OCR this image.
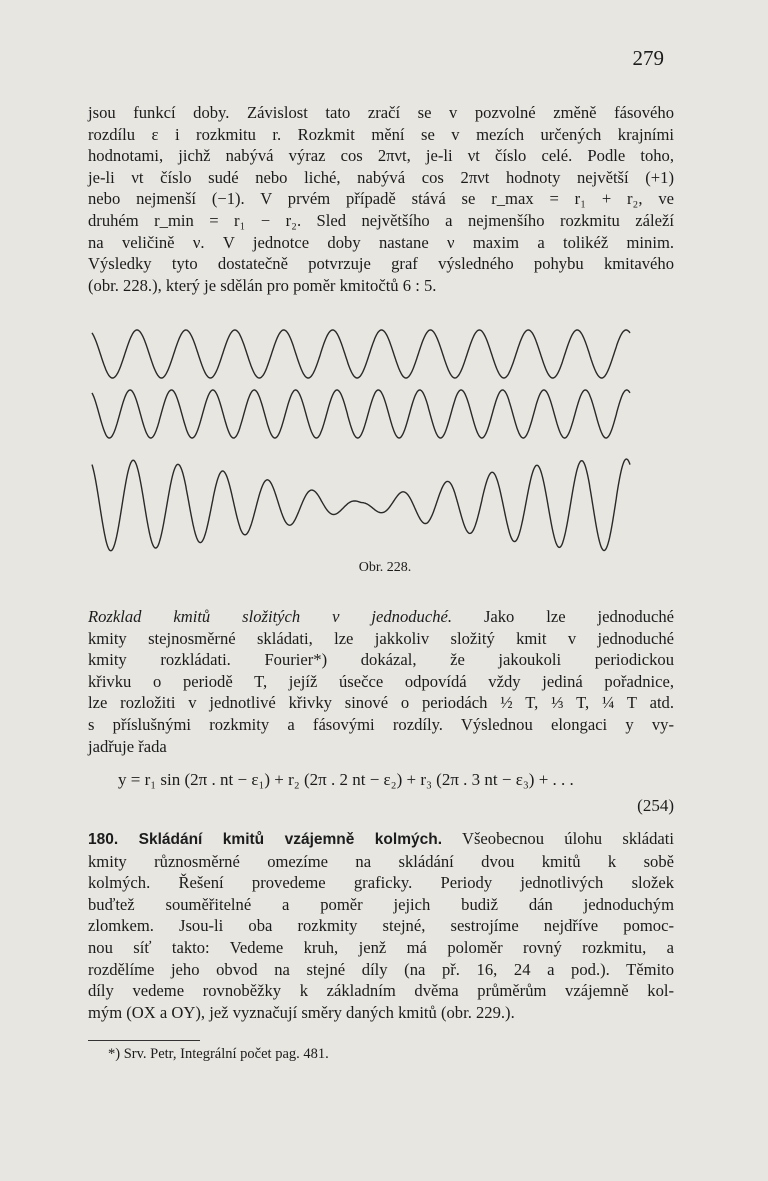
279

jsou funkcí doby. Závislost tato zračí se v pozvolné změně fásového

rozdílu ε i rozkmitu r. Rozkmit mění se v mezích určených krajními

hodnotami, jichž nabývá výraz cos 2πνt, je-li νt číslo celé. Podle toho,

je-li νt číslo sudé nebo liché, nabývá cos 2πνt hodnoty největší (+1)

nebo nejmenší (−1). V prvém případě stává se r_max = r₁ + r₂, ve

druhém r_min = r₁ − r₂. Sled největšího a nejmenšího rozkmitu záleží

na veličině ν. V jednotce doby nastane ν maxim a tolikéž minim.

Výsledky tyto dostatečně potvrzuje graf výsledného pohybu kmitavého

(obr. 228.), který je sdělán pro poměr kmitočtů 6 : 5.

Obr. 228.

Rozklad kmitů složitých v jednoduché. Jako lze jednoduché

kmity stejnosměrné skládati, lze jakkoliv složitý kmit v jednoduché

kmity rozkládati. Fourier*) dokázal, že jakoukoli periodickou

křivku o periodě T, jejíž úsečce odpovídá vždy jediná pořadnice,

lze rozložiti v jednotlivé křivky sinové o periodách ½ T, ⅓ T, ¼ T atd.

s příslušnými rozkmity a fásovými rozdíly. Výslednou elongaci y vy-

jadřuje řada

y = r₁ sin (2π . nt − ε₁) + r₂ (2π . 2 nt − ε₂) + r₃ (2π . 3 nt − ε₃) + . . .
(254)

180. Skládání kmitů vzájemně kolmých. Všeobecnou úlohu skládati

kmity různosměrné omezíme na skládání dvou kmitů k sobě

kolmých. Řešení provedeme graficky. Periody jednotlivých složek

buďtež souměřitelné a poměr jejich budiž dán jednoduchým

zlomkem. Jsou-li oba rozkmity stejné, sestrojíme nejdříve pomoc-

nou síť takto: Vedeme kruh, jenž má poloměr rovný rozkmitu, a

rozdělíme jeho obvod na stejné díly (na př. 16, 24 a pod.). Těmito

díly vedeme rovnoběžky k základním dvěma průměrům vzájemně kol-

mým (OX a OY), jež vyznačují směry daných kmitů (obr. 229.).

*) Srv. Petr, Integrální počet pag. 481.
